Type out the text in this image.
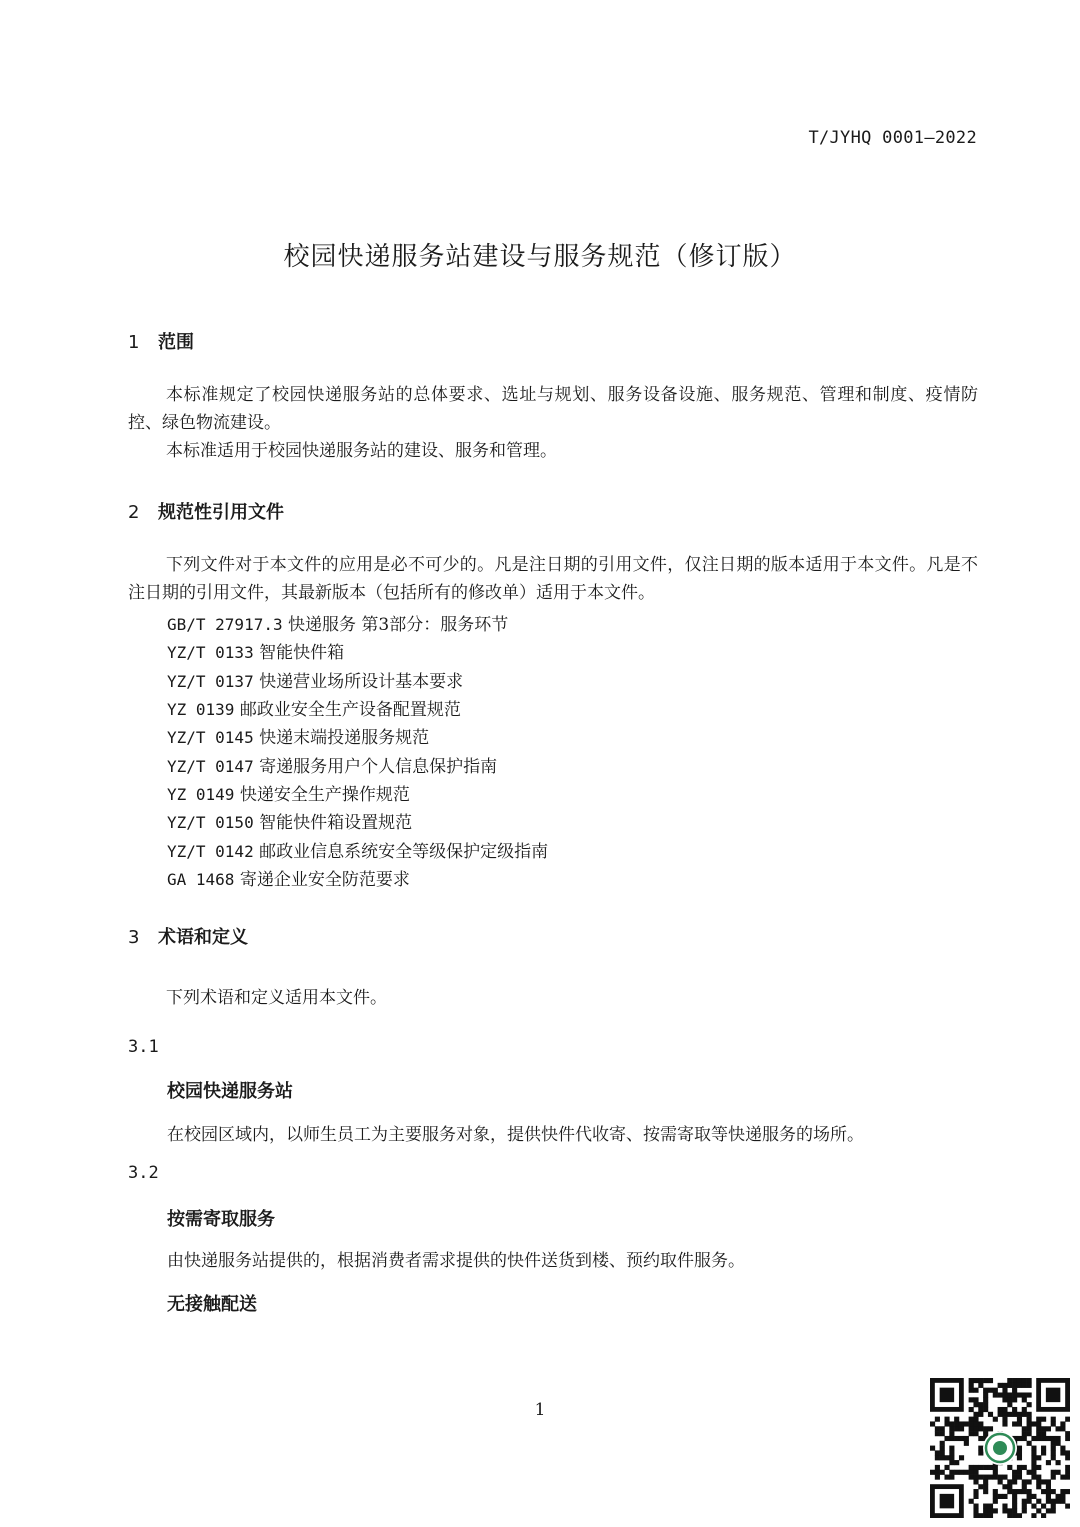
T/JYHQ 0001—2022
校园快递服务站建设与服务规范（修订版）
1 范围

本标准规定了校园快递服务站的总体要求、选址与规划、服务设备设施、服务规范、管理和制度、疫情防控、绿色物流建设。

本标准适用于校园快递服务站的建设、服务和管理。

2 规范性引用文件

下列文件对于本文件的应用是必不可少的。凡是注日期的引用文件，仅注日期的版本适用于本文件。凡是不注日期的引用文件，其最新版本（包括所有的修改单）适用于本文件。

GB/T 27917.3 快递服务 第3部分：服务环节
YZ/T 0133 智能快件箱
YZ/T 0137 快递营业场所设计基本要求
YZ 0139 邮政业安全生产设备配置规范
YZ/T 0145 快递末端投递服务规范
YZ/T 0147 寄递服务用户个人信息保护指南
YZ 0149 快递安全生产操作规范
YZ/T 0150 智能快件箱设置规范
YZ/T 0142 邮政业信息系统安全等级保护定级指南
GA 1468 寄递企业安全防范要求
3 术语和定义

下列术语和定义适用本文件。

3.1
校园快递服务站
在校园区域内，以师生员工为主要服务对象，提供快件代收寄、按需寄取等快递服务的场所。
3.2
按需寄取服务
由快递服务站提供的，根据消费者需求提供的快件送货到楼、预约取件服务。
无接触配送
1
